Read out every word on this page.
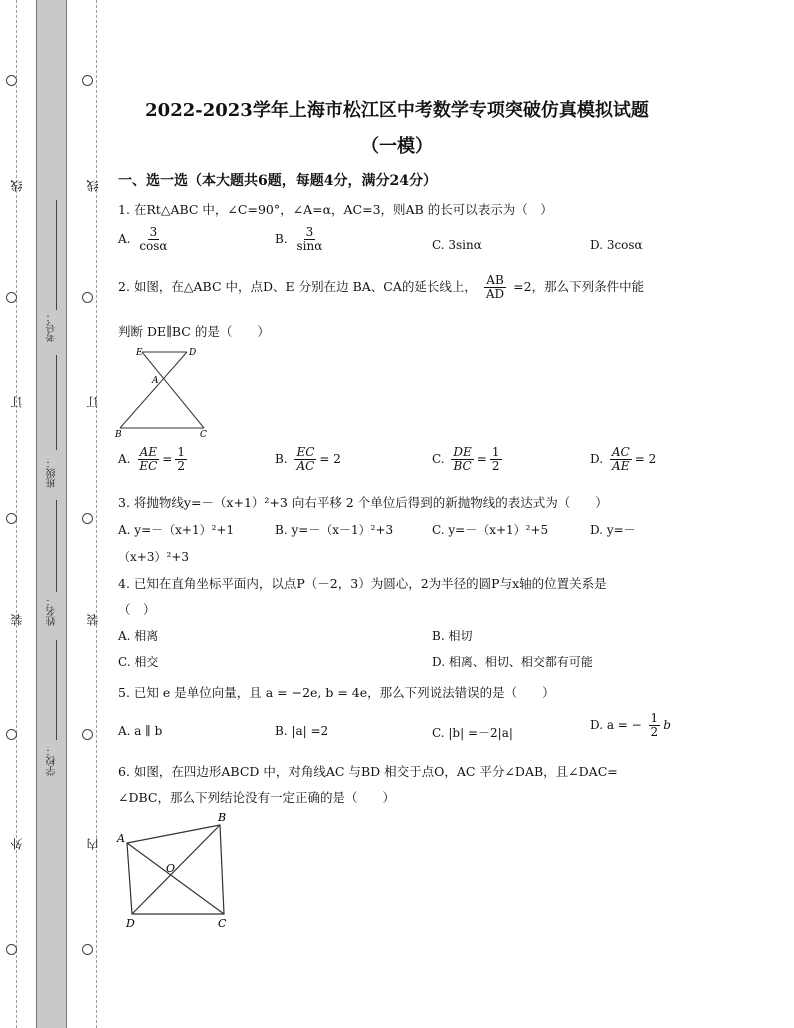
线
订
装
外
线
订
装
内
考号：
班级：
姓名：
学校：
2022-2023学年上海市松江区中考数学专项突破仿真模拟试题
（一模）
一、选一选（本大题共6题，每题4分，满分24分）
1. 在Rt△ABC 中，∠C=90°，∠A=α，AC=3，则AB 的长可以表示为（　）
A. $\frac{3}{\cos\alpha}$	B. $\frac{3}{\sin\alpha}$	C. 3sinα	D. 3cosα
2. 如图，在△ABC 中，点D、E 分别在边 BA、CA的延长线上， $\frac{AB}{AD} =2$，那么下列条件中能
判断 DE∥BC 的是（　　）
E	D
A
B	C
A. $\frac{AE}{EC} = \frac{1}{2}$	B. $\frac{EC}{AC} = 2$	C. $\frac{DE}{BC} = \frac{1}{2}$	D. $\frac{AC}{AE} = 2$
3. 将抛物线y=－（x+1）²+3 向右平移 2 个单位后得到的新抛物线的表达式为（　　）
A. y=－（x+1）²+1	B. y=－（x－1）²+3	C. y=－（x+1）²+5	D. y=－
（x+3）²+3
4. 已知在直角坐标平面内，以点P（－2，3）为圆心，2为半径的圆P与x轴的位置关系是
（　）
A. 相离	B. 相切
C. 相交	D. 相离、相切、相交都有可能
5. 已知 e 是单位向量，且 a = −2e, b = 4e，那么下列说法错误的是（　　）
A. a ∥ b	B. |a| =2	C. |b| =－2|a|
D. a = − $\frac{1}{2}$ b
6. 如图，在四边形ABCD 中，对角线AC 与BD 相交于点O，AC 平分∠DAB，且∠DAC=
∠DBC，那么下列结论没有一定正确的是（　　）
A
B
O
D	C
